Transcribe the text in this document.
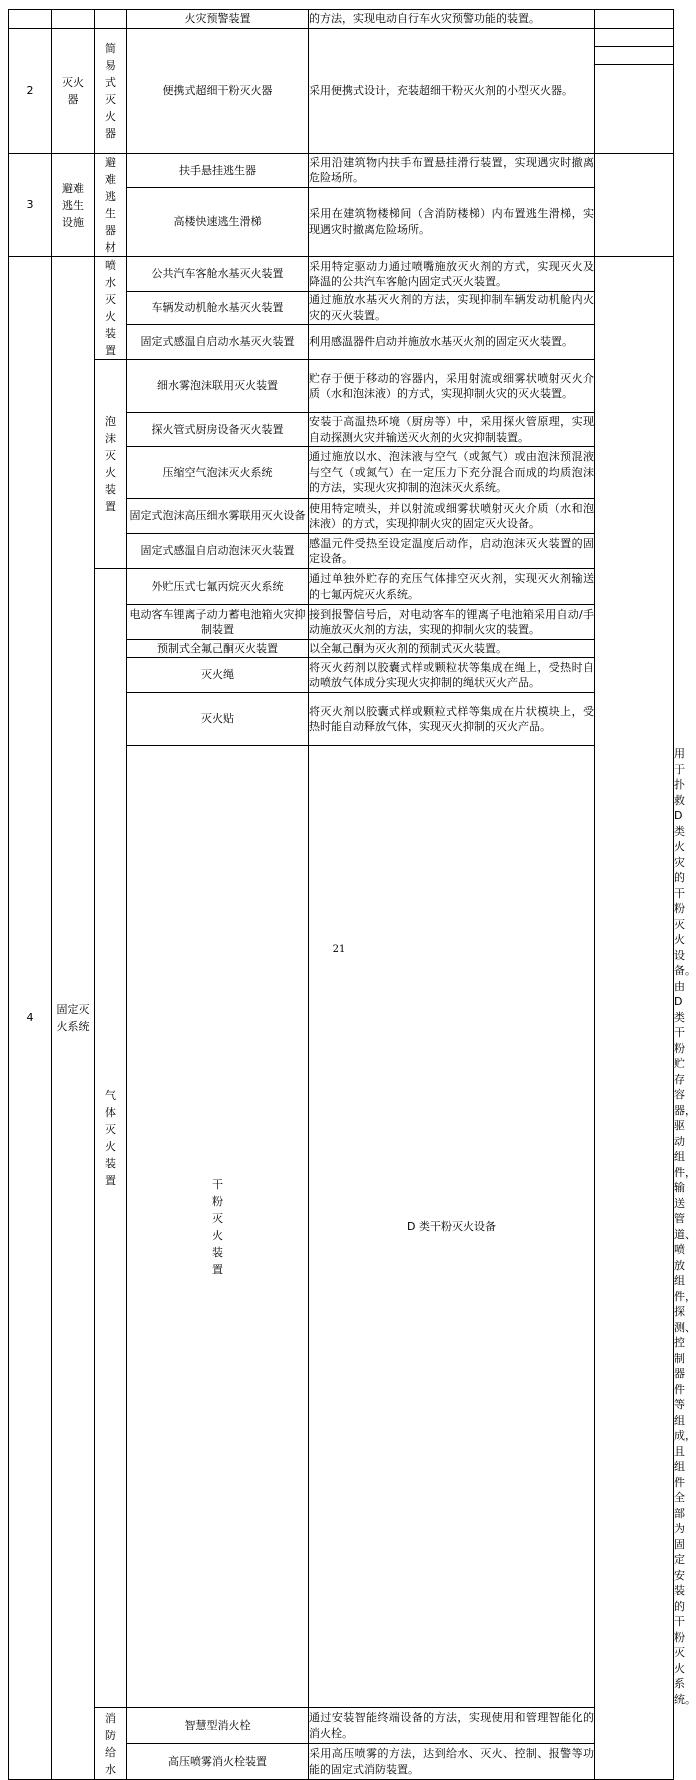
			火灾预警装置	的方法，实现电动自行车火灾预警功能的装置。		
2	灭火器	简易式灭火器	便携式超细干粉灭火器	采用便携式设计，充装超细干粉灭火剂的小型灭火器。		

3	避难逃生设施	避难逃生器材	扶手悬挂逃生器	采用沿建筑物内扶手布置悬挂滑行装置，实现遇灾时撤离危险场所。		
			高楼快速逃生滑梯	采用在建筑物楼梯间（含消防楼梯）内布置逃生滑梯，实现遇灾时撤离危险场所。		
4	固定灭火系统	喷水灭火装置	公共汽车客舱水基灭火装置	采用特定驱动力通过喷嘴施放灭火剂的方式，实现灭火及降温的公共汽车客舱内固定式灭火装置。		
			车辆发动机舱水基灭火装置	通过施放水基灭火剂的方法，实现抑制车辆发动机舱内火灾的灭火装置。		
			固定式感温自启动水基灭火装置	利用感温器件启动并施放水基灭火剂的固定灭火装置。		

		泡沫灭火装置	细水雾泡沫联用灭火装置	贮存于便于移动的容器内，采用射流或细雾状喷射灭火介质（水和泡沫液）的方式，实现抑制火灾的灭火装置。		
			探火管式厨房设备灭火装置	安装于高温热环境（厨房等）中，采用探火管原理，实现自动探测火灾并输送灭火剂的火灾抑制装置。		
			压缩空气泡沫灭火系统	通过施放以水、泡沫液与空气（或氮气）或由泡沫预混液与空气（或氮气）在一定压力下充分混合而成的均质泡沫的方法，实现火灾抑制的泡沫灭火系统。		
			固定式泡沫高压细水雾联用灭火设备	使用特定喷头，并以射流或细雾状喷射灭火介质（水和泡沫液）的方式，实现抑制火灾的固定灭火设备。		
			固定式感温自启动泡沫灭火装置	感温元件受热至设定温度后动作，启动泡沫灭火装置的固定设备。		

		气体灭火装置	外贮压式七氟丙烷灭火系统	通过单独外贮存的充压气体排空灭火剂，实现灭火剂输送的七氟丙烷灭火系统。		
			电动客车锂离子动力蓄电池箱火灾抑制装置	接到报警信号后，对电动客车的锂离子电池箱采用自动/手动施放灭火剂的方法，实现的抑制火灾的装置。		
			预制式全氟己酮灭火装置	以全氟己酮为灭火剂的预制式灭火装置。		
			灭火绳	将灭火药剂以胶囊式样或颗粒状等集成在绳上，受热时自动喷放气体成分实现火灾抑制的绳状灭火产品。		
			灭火贴	将灭火剂以胶囊式样或颗粒式样等集成在片状模块上，受热时能自动释放气体，实现灭火抑制的灭火产品。		

			干粉灭火装置	D 类干粉灭火设备		用于扑救 D 类火灾的干粉灭火设备。由 D 类干粉贮存容器，驱动组件，输送管道、喷放组件，探测、控制器件等组成，且组件全部为固定安装的干粉灭火系统。

		消防给水	智慧型消火栓	通过安装智能终端设备的方法，实现使用和管理智能化的消火栓。		
			高压喷雾消火栓装置	采用高压喷雾的方法，达到给水、灭火、控制、报警等功能的固定式消防装置。		
21
